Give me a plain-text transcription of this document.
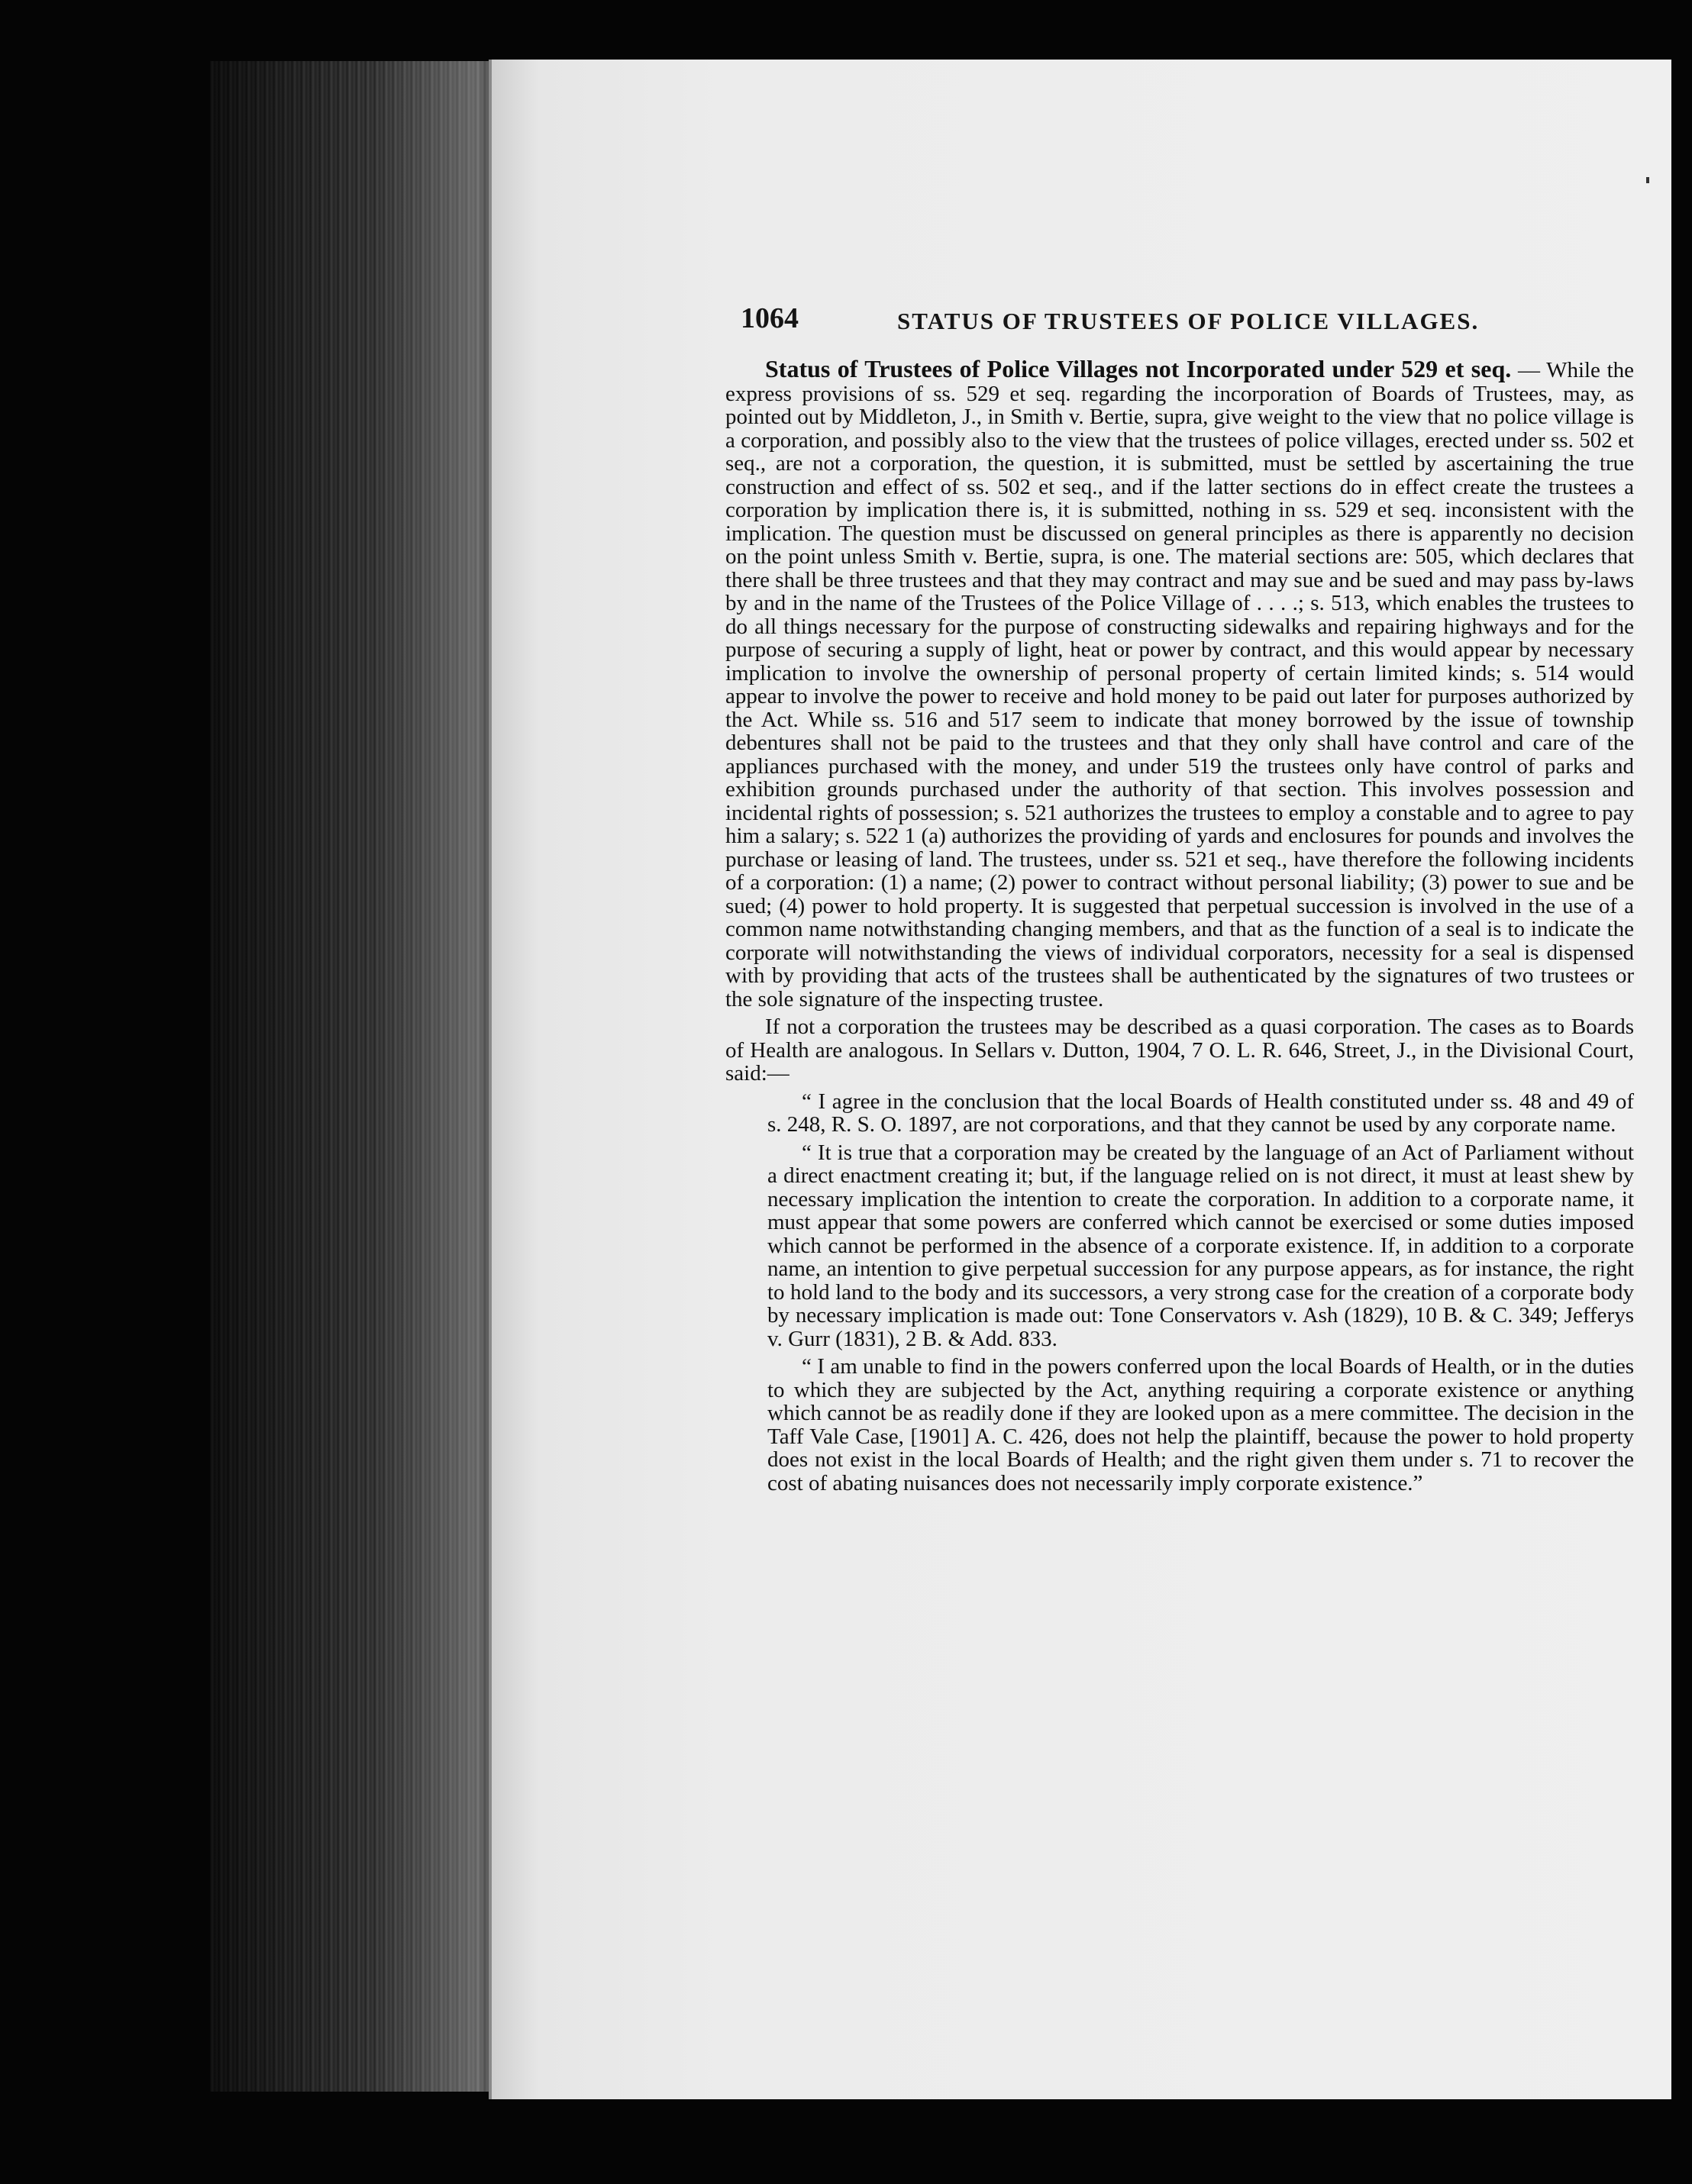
1064	STATUS OF TRUSTEES OF POLICE VILLAGES.

Status of Trustees of Police Villages not Incorporated under 529 et seq. — While the express provisions of ss. 529 et seq. regarding the incorporation of Boards of Trustees, may, as pointed out by Middleton, J., in Smith v. Bertie, supra, give weight to the view that no police village is a corporation, and possibly also to the view that the trustees of police villages, erected under ss. 502 et seq., are not a corporation, the question, it is submitted, must be settled by ascertaining the true construction and effect of ss. 502 et seq., and if the latter sections do in effect create the trustees a corporation by implication there is, it is submitted, nothing in ss. 529 et seq. inconsistent with the implication. The question must be discussed on general principles as there is apparently no decision on the point unless Smith v. Bertie, supra, is one. The material sections are: 505, which declares that there shall be three trustees and that they may contract and may sue and be sued and may pass by-laws by and in the name of the Trustees of the Police Village of . . . .; s. 513, which enables the trustees to do all things necessary for the purpose of constructing sidewalks and repairing highways and for the purpose of securing a supply of light, heat or power by contract, and this would appear by necessary implication to involve the ownership of personal property of certain limited kinds; s. 514 would appear to involve the power to receive and hold money to be paid out later for purposes authorized by the Act. While ss. 516 and 517 seem to indicate that money borrowed by the issue of township debentures shall not be paid to the trustees and that they only shall have control and care of the appliances purchased with the money, and under 519 the trustees only have control of parks and exhibition grounds purchased under the authority of that section. This involves possession and incidental rights of possession; s. 521 authorizes the trustees to employ a constable and to agree to pay him a salary; s. 522 1 (a) authorizes the providing of yards and enclosures for pounds and involves the purchase or leasing of land. The trustees, under ss. 521 et seq., have therefore the following incidents of a corporation: (1) a name; (2) power to contract without personal liability; (3) power to sue and be sued; (4) power to hold property. It is suggested that perpetual succession is involved in the use of a common name notwithstanding changing members, and that as the function of a seal is to indicate the corporate will notwithstanding the views of individual corporators, necessity for a seal is dispensed with by providing that acts of the trustees shall be authenticated by the signatures of two trustees or the sole signature of the inspecting trustee.

If not a corporation the trustees may be described as a quasi corporation. The cases as to Boards of Health are analogous. In Sellars v. Dutton, 1904, 7 O. L. R. 646, Street, J., in the Divisional Court, said:—

“ I agree in the conclusion that the local Boards of Health constituted under ss. 48 and 49 of s. 248, R. S. O. 1897, are not corporations, and that they cannot be used by any corporate name.

“ It is true that a corporation may be created by the language of an Act of Parliament without a direct enactment creating it; but, if the language relied on is not direct, it must at least shew by necessary implication the intention to create the corporation. In addition to a corporate name, it must appear that some powers are conferred which cannot be exercised or some duties imposed which cannot be performed in the absence of a corporate existence. If, in addition to a corporate name, an intention to give perpetual succession for any purpose appears, as for instance, the right to hold land to the body and its successors, a very strong case for the creation of a corporate body by necessary implication is made out: Tone Conservators v. Ash (1829), 10 B. & C. 349; Jefferys v. Gurr (1831), 2 B. & Add. 833.

“ I am unable to find in the powers conferred upon the local Boards of Health, or in the duties to which they are subjected by the Act, anything requiring a corporate existence or anything which cannot be as readily done if they are looked upon as a mere committee. The decision in the Taff Vale Case, [1901] A. C. 426, does not help the plaintiff, because the power to hold property does not exist in the local Boards of Health; and the right given them under s. 71 to recover the cost of abating nuisances does not necessarily imply corporate existence.”
